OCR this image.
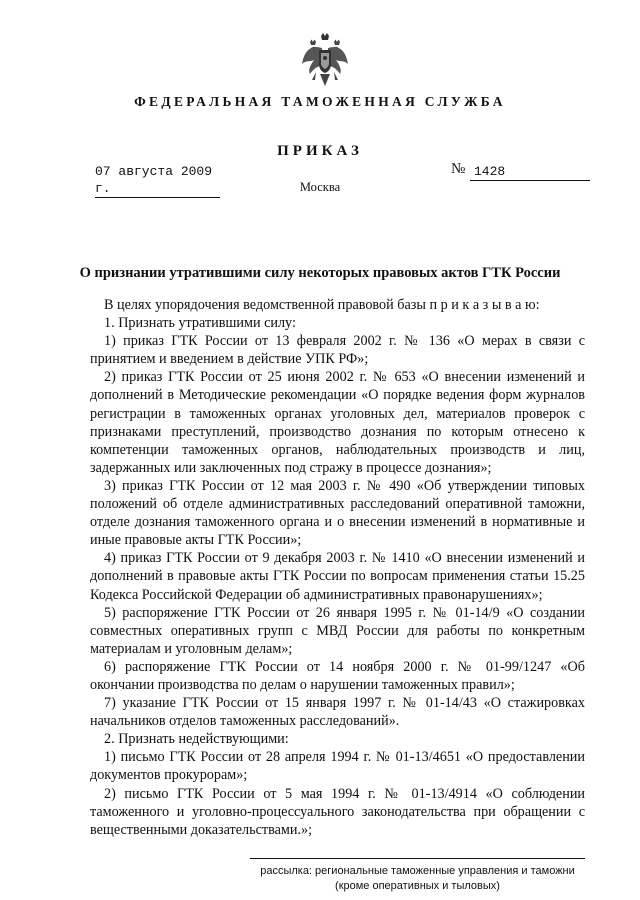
ФЕДЕРАЛЬНАЯ ТАМОЖЕННАЯ СЛУЖБА
ПРИКАЗ
07 августа 2009 г.
№ 1428
Москва
О признании утратившими силу некоторых правовых актов ГТК России

В целях упорядочения ведомственной правовой базы п р и к а з ы в а ю:

1. Признать утратившими силу:

1) приказ ГТК России от 13 февраля 2002 г. № 136 «О мерах в связи с принятием и введением в действие УПК РФ»;

2) приказ ГТК России от 25 июня 2002 г. № 653 «О внесении изменений и дополнений в Методические рекомендации «О порядке ведения форм журналов регистрации в таможенных органах уголовных дел, материалов проверок с признаками преступлений, производство дознания по которым отнесено к компетенции таможенных органов, наблюдательных производств и лиц, задержанных или заключенных под стражу в процессе дознания»;

3) приказ ГТК России от 12 мая 2003 г. № 490 «Об утверждении типовых положений об отделе административных расследований оперативной таможни, отделе дознания таможенного органа и о внесении изменений в нормативные и иные правовые акты ГТК России»;

4) приказ ГТК России от 9 декабря 2003 г. № 1410 «О внесении изменений и дополнений в правовые акты ГТК России по вопросам применения статьи 15.25 Кодекса Российской Федерации об административных правонарушениях»;

5) распоряжение ГТК России от 26 января 1995 г. № 01-14/9 «О создании совместных оперативных групп с МВД России для работы по конкретным материалам и уголовным делам»;

6) распоряжение ГТК России от 14 ноября 2000 г. № 01-99/1247 «Об окончании производства по делам о нарушении таможенных правил»;

7) указание ГТК России от 15 января 1997 г. № 01-14/43 «О стажировках начальников отделов таможенных расследований».

2. Признать недействующими:

1) письмо ГТК России от 28 апреля 1994 г. № 01-13/4651 «О предоставлении документов прокурорам»;

2) письмо ГТК России от 5 мая 1994 г. № 01-13/4914 «О соблюдении таможенного и уголовно-процессуального законодательства при обращении с вещественными доказательствами.»;

рассылка: региональные таможенные управления и таможни
(кроме оперативных и тыловых)
